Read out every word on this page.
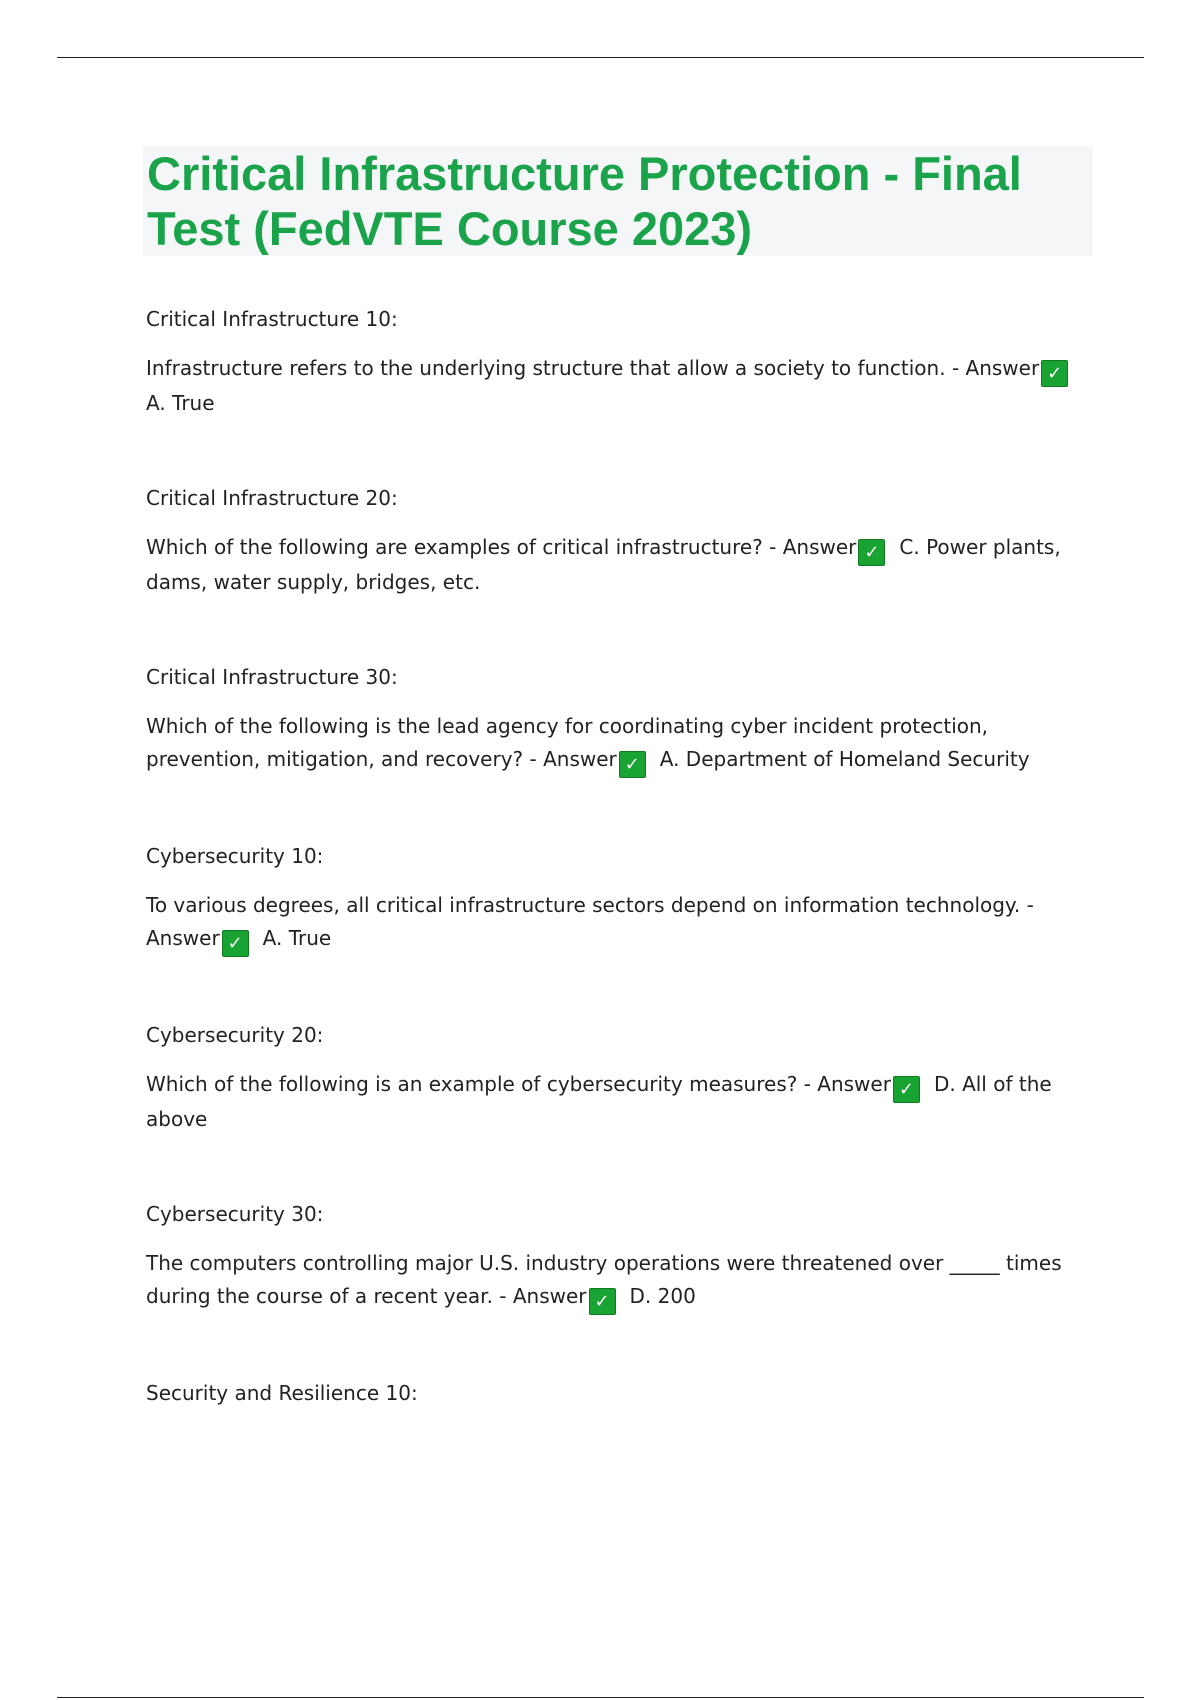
Critical Infrastructure Protection - Final Test (FedVTE Course 2023)

Critical Infrastructure 10:

Infrastructure refers to the underlying structure that allow a society to function. - Answer ✓A. True

Critical Infrastructure 20:

Which of the following are examples of critical infrastructure? - Answer ✓ C. Power plants, dams, water supply, bridges, etc.

Critical Infrastructure 30:

Which of the following is the lead agency for coordinating cyber incident protection, prevention, mitigation, and recovery? - Answer ✓ A. Department of Homeland Security

Cybersecurity 10:

To various degrees, all critical infrastructure sectors depend on information technology. - Answer ✓ A. True

Cybersecurity 20:

Which of the following is an example of cybersecurity measures? - Answer ✓ D. All of the above

Cybersecurity 30:

The computers controlling major U.S. industry operations were threatened over _____ times during the course of a recent year. - Answer ✓ D. 200

Security and Resilience 10:
